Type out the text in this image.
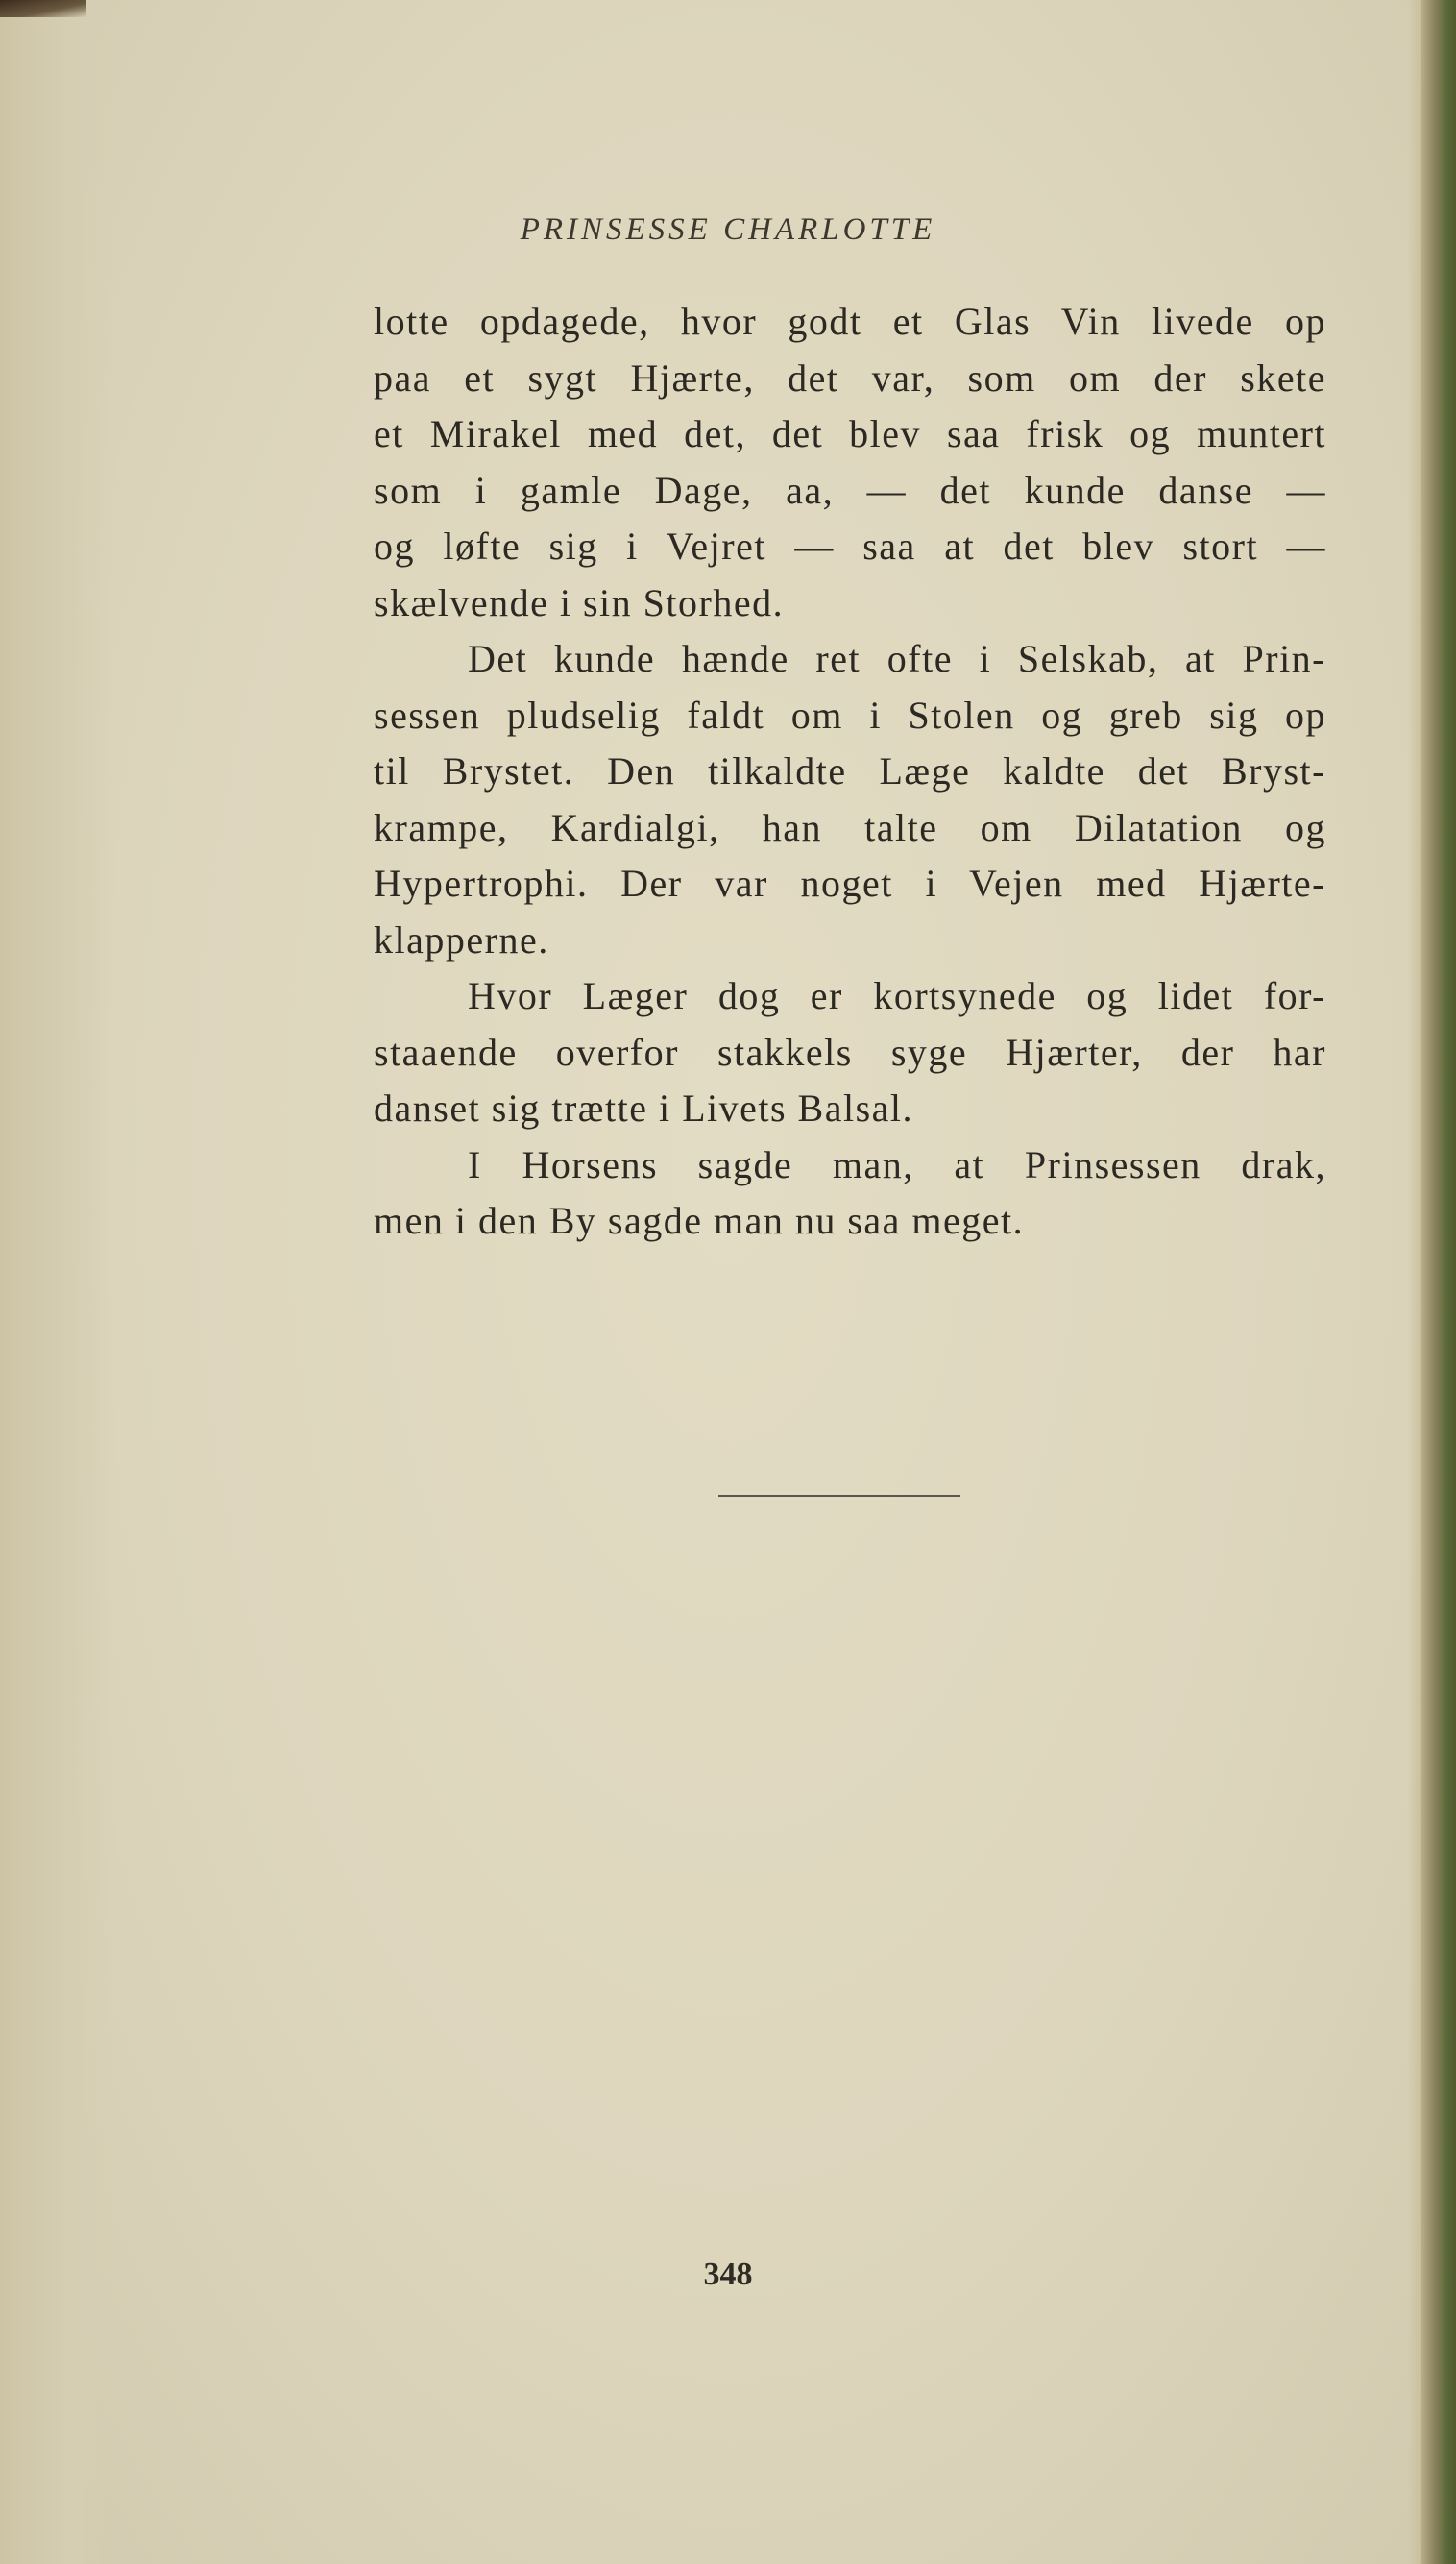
PRINSESSE CHARLOTTE
lotte opdagede, hvor godt et Glas Vin livede op
paa et sygt Hjærte, det var, som om der skete
et Mirakel med det, det blev saa frisk og muntert
som i gamle Dage, aa, — det kunde danse —
og løfte sig i Vejret — saa at det blev stort —
skælvende i sin Storhed.
Det kunde hænde ret ofte i Selskab, at Prin-
sessen pludselig faldt om i Stolen og greb sig op
til Brystet. Den tilkaldte Læge kaldte det Bryst-
krampe, Kardialgi, han talte om Dilatation og
Hypertrophi. Der var noget i Vejen med Hjærte-
klapperne.
Hvor Læger dog er kortsynede og lidet for-
staaende overfor stakkels syge Hjærter, der har
danset sig trætte i Livets Balsal.
I Horsens sagde man, at Prinsessen drak,
men i den By sagde man nu saa meget.
348
